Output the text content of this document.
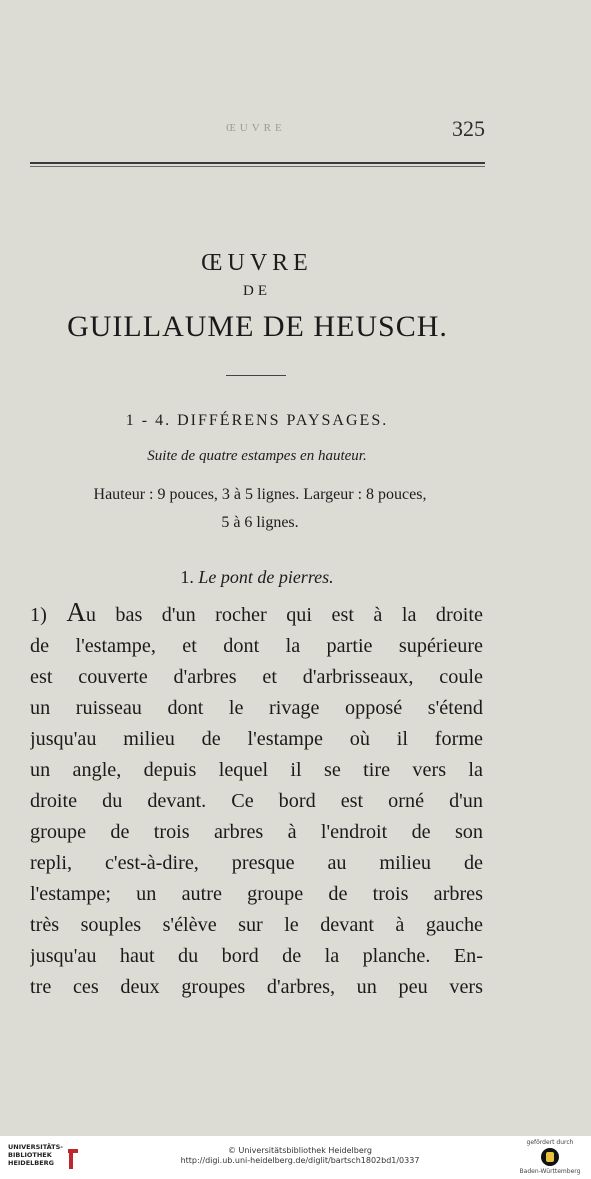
ŒUVRE	325
ŒUVRE
DE
GUILLAUME DE HEUSCH.
1 - 4. DIFFÉRENS PAYSAGES.
Suite de quatre estampes en hauteur.
Hauteur : 9 pouces, 3 à 5 lignes. Largeur : 8 pouces,
5 à 6 lignes.
1. Le pont de pierres.
1) Au bas d'un rocher qui est à la droite
de l'estampe, et dont la partie supérieure
est couverte d'arbres et d'arbrisseaux, coule
un ruisseau dont le rivage opposé s'étend
jusqu'au milieu de l'estampe où il forme
un angle, depuis lequel il se tire vers la
droite du devant. Ce bord est orné d'un
groupe de trois arbres à l'endroit de son
repli, c'est-à-dire, presque au milieu de
l'estampe; un autre groupe de trois arbres
très souples s'élève sur le devant à gauche
jusqu'au haut du bord de la planche. En-
tre ces deux groupes d'arbres, un peu vers
UNIVERSITÄTS-
BIBLIOTHEK
HEIDELBERG
© Universitätsbibliothek Heidelberg
http://digi.ub.uni-heidelberg.de/diglit/bartsch1802bd1/0337
gefördert durch
Baden-Württemberg
